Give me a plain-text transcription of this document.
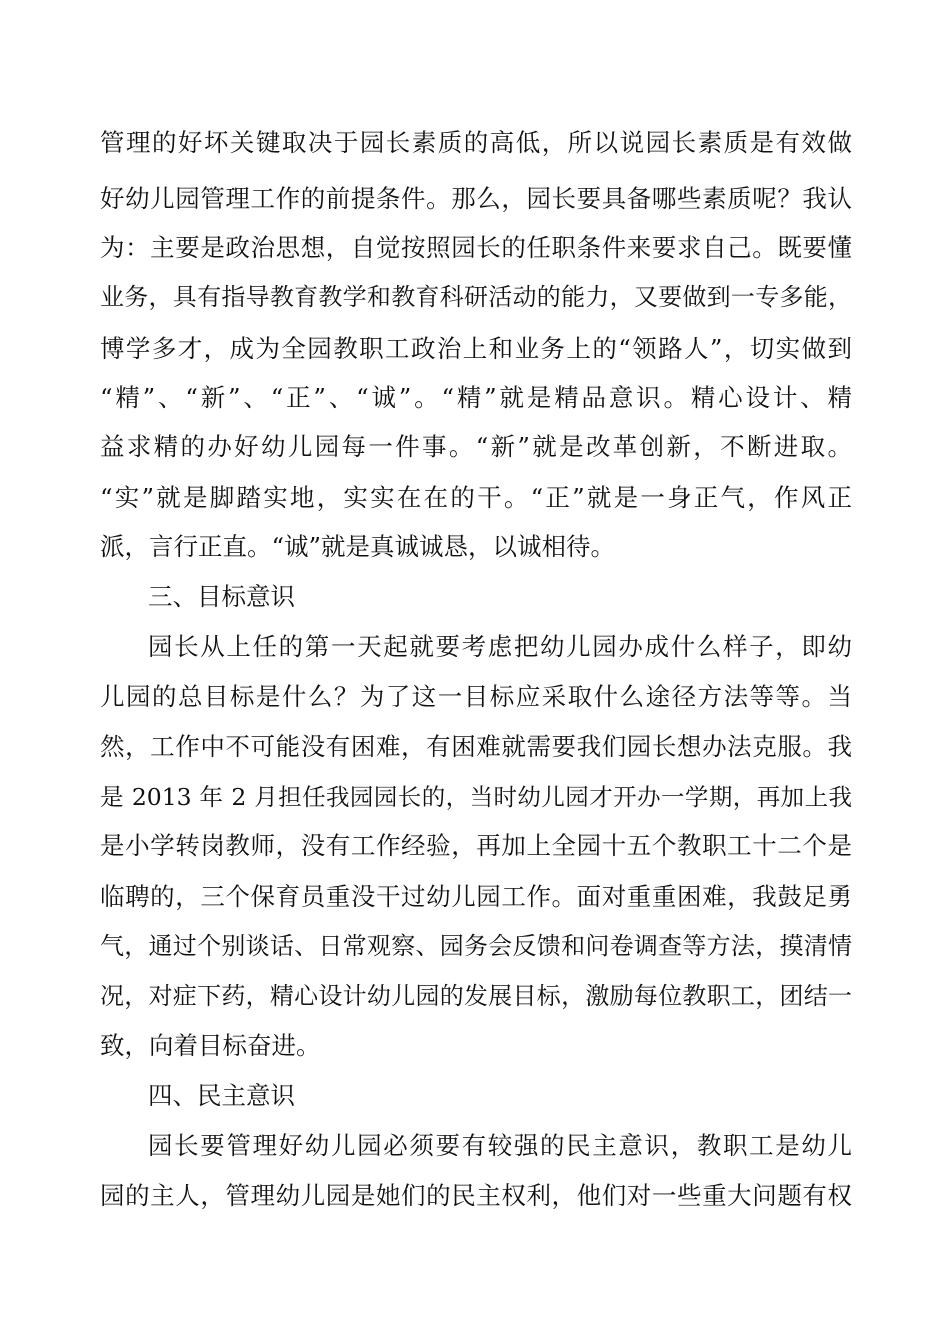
管理的好坏关键取决于园长素质的高低，所以说园长素质是有效做
好幼儿园管理工作的前提条件。那么，园长要具备哪些素质呢？我认
为：主要是政治思想，自觉按照园长的任职条件来要求自己。既要懂
业务，具有指导教育教学和教育科研活动的能力，又要做到一专多能，
博学多才，成为全园教职工政治上和业务上的“领路人”，切实做到
“精”、“新”、“正”、“诚”。“精”就是精品意识。精心设计、精
益求精的办好幼儿园每一件事。“新”就是改革创新，不断进取。
“实”就是脚踏实地，实实在在的干。“正”就是一身正气，作风正
派，言行正直。“诚”就是真诚诚恳，以诚相待。
三、目标意识
园长从上任的第一天起就要考虑把幼儿园办成什么样子，即幼
儿园的总目标是什么？为了这一目标应采取什么途径方法等等。当
然，工作中不可能没有困难，有困难就需要我们园长想办法克服。我
是 2013 年 2 月担任我园园长的，当时幼儿园才开办一学期，再加上我
是小学转岗教师，没有工作经验，再加上全园十五个教职工十二个是
临聘的，三个保育员重没干过幼儿园工作。面对重重困难，我鼓足勇
气，通过个别谈话、日常观察、园务会反馈和问卷调查等方法，摸清情
况，对症下药，精心设计幼儿园的发展目标，激励每位教职工，团结一
致，向着目标奋进。
四、民主意识
园长要管理好幼儿园必须要有较强的民主意识，教职工是幼儿
园的主人，管理幼儿园是她们的民主权利，他们对一些重大问题有权
